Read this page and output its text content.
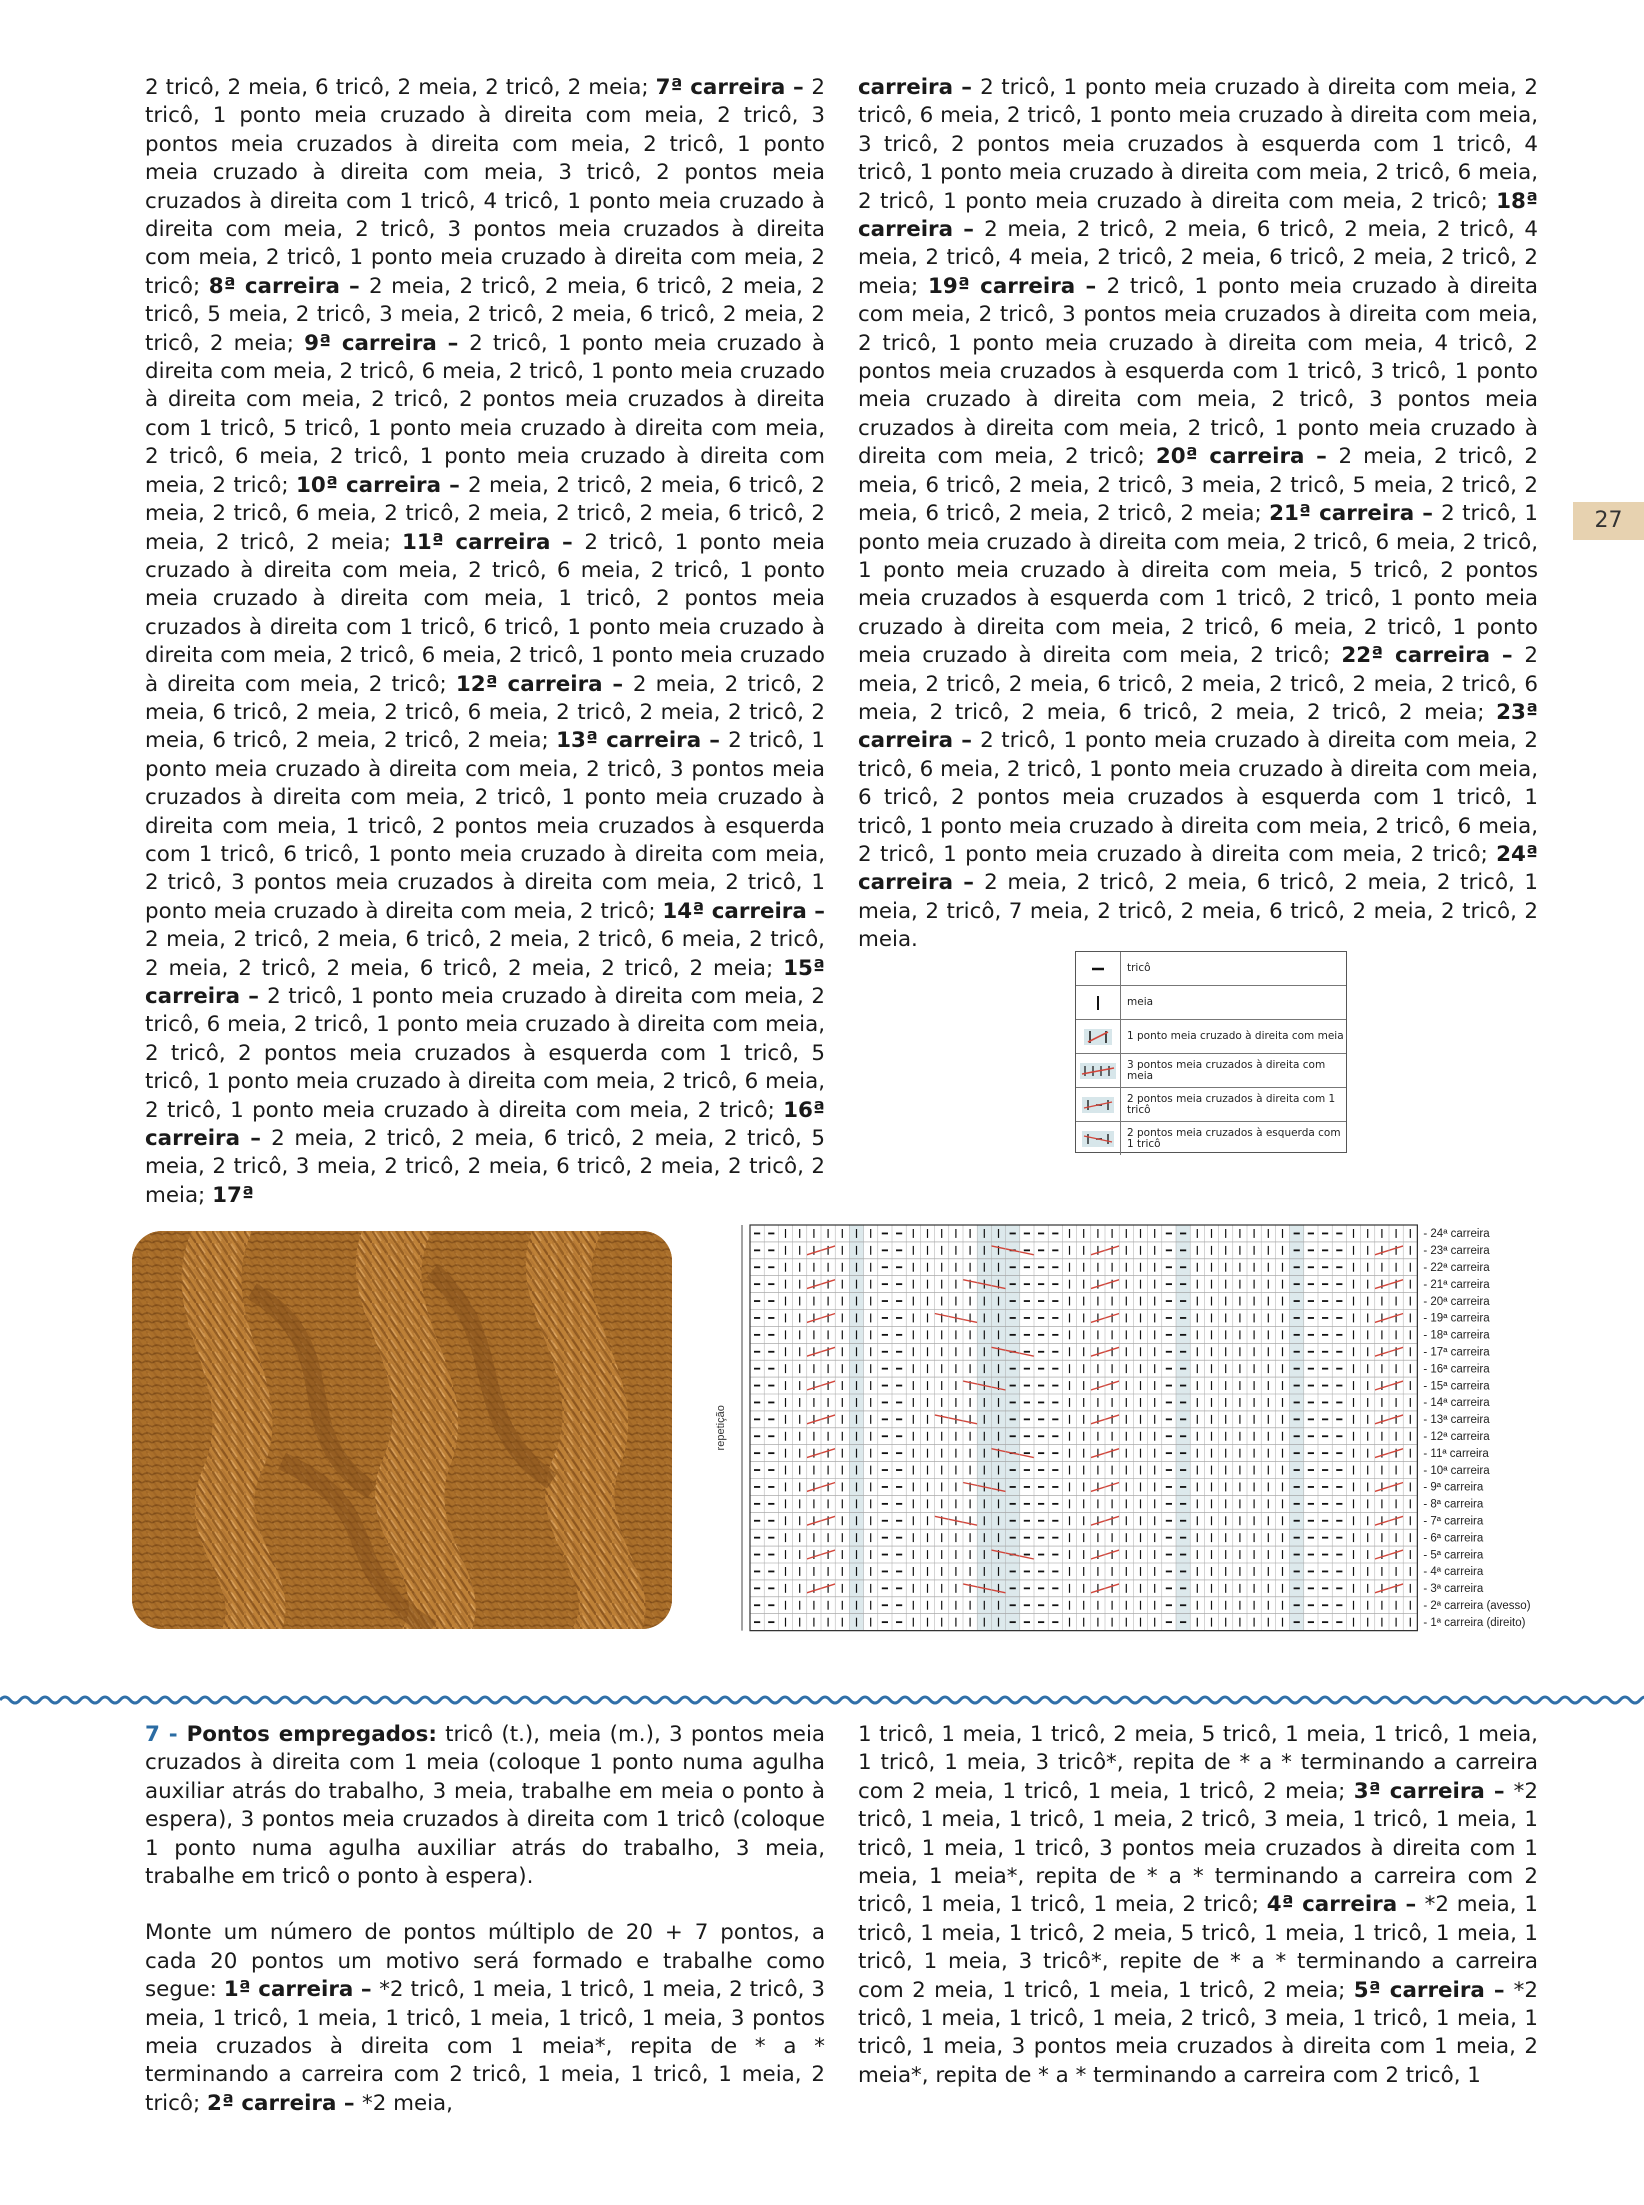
2 tricô, 2 meia, 6 tricô, 2 meia, 2 tricô, 2 meia; 7ª carreira – 2 tricô, 1 ponto meia cruzado à direita com meia, 2 tricô, 3 pontos meia cruzados à direita com meia, 2 tricô, 1 ponto meia cruzado à direita com meia, 3 tricô, 2 pontos meia cruzados à direita com 1 tricô, 4 tricô, 1 ponto meia cruzado à direita com meia, 2 tricô, 3 pontos meia cruzados à direita com meia, 2 tricô, 1 ponto meia cruzado à direita com meia, 2 tricô; 8ª carreira – 2 meia, 2 tricô, 2 meia, 6 tricô, 2 meia, 2 tricô, 5 meia, 2 tricô, 3 meia, 2 tricô, 2 meia, 6 tricô, 2 meia, 2 tricô, 2 meia; 9ª carreira – 2 tricô, 1 ponto meia cruzado à direita com meia, 2 tricô, 6 meia, 2 tricô, 1 ponto meia cruzado à direita com meia, 2 tricô, 2 pontos meia cruzados à direita com 1 tricô, 5 tricô, 1 ponto meia cruzado à direita com meia, 2 tricô, 6 meia, 2 tricô, 1 ponto meia cruzado à direita com meia, 2 tricô; 10ª carreira – 2 meia, 2 tricô, 2 meia, 6 tricô, 2 meia, 2 tricô, 6 meia, 2 tricô, 2 meia, 2 tricô, 2 meia, 6 tricô, 2 meia, 2 tricô, 2 meia; 11ª carreira – 2 tricô, 1 ponto meia cruzado à direita com meia, 2 tricô, 6 meia, 2 tricô, 1 ponto meia cruzado à direita com meia, 1 tricô, 2 pontos meia cruzados à direita com 1 tricô, 6 tricô, 1 ponto meia cruzado à direita com meia, 2 tricô, 6 meia, 2 tricô, 1 ponto meia cruzado à direita com meia, 2 tricô; 12ª carreira – 2 meia, 2 tricô, 2 meia, 6 tricô, 2 meia, 2 tricô, 6 meia, 2 tricô, 2 meia, 2 tricô, 2 meia, 6 tricô, 2 meia, 2 tricô, 2 meia; 13ª carreira – 2 tricô, 1 ponto meia cruzado à direita com meia, 2 tricô, 3 pontos meia cruzados à direita com meia, 2 tricô, 1 ponto meia cruzado à direita com meia, 1 tricô, 2 pontos meia cruzados à esquerda com 1 tricô, 6 tricô, 1 ponto meia cruzado à direita com meia, 2 tricô, 3 pontos meia cruzados à direita com meia, 2 tricô, 1 ponto meia cruzado à direita com meia, 2 tricô; 14ª carreira – 2 meia, 2 tricô, 2 meia, 6 tricô, 2 meia, 2 tricô, 6 meia, 2 tricô, 2 meia, 2 tricô, 2 meia, 6 tricô, 2 meia, 2 tricô, 2 meia; 15ª carreira – 2 tricô, 1 ponto meia cruzado à direita com meia, 2 tricô, 6 meia, 2 tricô, 1 ponto meia cruzado à direita com meia, 2 tricô, 2 pontos meia cruzados à esquerda com 1 tricô, 5 tricô, 1 ponto meia cruzado à direita com meia, 2 tricô, 6 meia, 2 tricô, 1 ponto meia cruzado à direita com meia, 2 tricô; 16ª carreira – 2 meia, 2 tricô, 2 meia, 6 tricô, 2 meia, 2 tricô, 5 meia, 2 tricô, 3 meia, 2 tricô, 2 meia, 6 tricô, 2 meia, 2 tricô, 2 meia; 17ª
carreira – 2 tricô, 1 ponto meia cruzado à direita com meia, 2 tricô, 6 meia, 2 tricô, 1 ponto meia cruzado à direita com meia, 3 tricô, 2 pontos meia cruzados à esquerda com 1 tricô, 4 tricô, 1 ponto meia cruzado à direita com meia, 2 tricô, 6 meia, 2 tricô, 1 ponto meia cruzado à direita com meia, 2 tricô; 18ª carreira – 2 meia, 2 tricô, 2 meia, 6 tricô, 2 meia, 2 tricô, 4 meia, 2 tricô, 4 meia, 2 tricô, 2 meia, 6 tricô, 2 meia, 2 tricô, 2 meia; 19ª carreira – 2 tricô, 1 ponto meia cruzado à direita com meia, 2 tricô, 3 pontos meia cruzados à direita com meia, 2 tricô, 1 ponto meia cruzado à direita com meia, 4 tricô, 2 pontos meia cruzados à esquerda com 1 tricô, 3 tricô, 1 ponto meia cruzado à direita com meia, 2 tricô, 3 pontos meia cruzados à direita com meia, 2 tricô, 1 ponto meia cruzado à direita com meia, 2 tricô; 20ª carreira – 2 meia, 2 tricô, 2 meia, 6 tricô, 2 meia, 2 tricô, 3 meia, 2 tricô, 5 meia, 2 tricô, 2 meia, 6 tricô, 2 meia, 2 tricô, 2 meia; 21ª carreira – 2 tricô, 1 ponto meia cruzado à direita com meia, 2 tricô, 6 meia, 2 tricô, 1 ponto meia cruzado à direita com meia, 5 tricô, 2 pontos meia cruzados à esquerda com 1 tricô, 2 tricô, 1 ponto meia cruzado à direita com meia, 2 tricô, 6 meia, 2 tricô, 1 ponto meia cruzado à direita com meia, 2 tricô; 22ª carreira – 2 meia, 2 tricô, 2 meia, 6 tricô, 2 meia, 2 tricô, 2 meia, 2 tricô, 6 meia, 2 tricô, 2 meia, 6 tricô, 2 meia, 2 tricô, 2 meia; 23ª carreira – 2 tricô, 1 ponto meia cruzado à direita com meia, 2 tricô, 6 meia, 2 tricô, 1 ponto meia cruzado à direita com meia, 6 tricô, 2 pontos meia cruzados à esquerda com 1 tricô, 1 tricô, 1 ponto meia cruzado à direita com meia, 2 tricô, 6 meia, 2 tricô, 1 ponto meia cruzado à direita com meia, 2 tricô; 24ª carreira – 2 meia, 2 tricô, 2 meia, 6 tricô, 2 meia, 2 tricô, 1 meia, 2 tricô, 7 meia, 2 tricô, 2 meia, 6 tricô, 2 meia, 2 tricô, 2 meia.
27
tricô
meia
1 ponto meia cruzado à direita com meia
3 pontos meia cruzados à direita com meia
2 pontos meia cruzados à direita com 1 tricô
2 pontos meia cruzados à esquerda com 1 tricô
repetição
- 24ª carreira
- 23ª carreira
- 22ª carreira
- 21ª carreira
- 20ª carreira
- 19ª carreira
- 18ª carreira
- 17ª carreira
- 16ª carreira
- 15ª carreira
- 14ª carreira
- 13ª carreira
- 12ª carreira
- 11ª carreira
- 10ª carreira
- 9ª carreira
- 8ª carreira
- 7ª carreira
- 6ª carreira
- 5ª carreira
- 4ª carreira
- 3ª carreira
- 2ª carreira (avesso)
- 1ª carreira (direito)
7 - Pontos empregados: tricô (t.), meia (m.), 3 pontos meia cruzados à direita com 1 meia (coloque 1 ponto numa agulha auxiliar atrás do trabalho, 3 meia, trabalhe em meia o ponto à espera), 3 pontos meia cruzados à direita com 1 tricô (coloque 1 ponto numa agulha auxiliar atrás do trabalho, 3 meia, trabalhe em tricô o ponto à espera).
Monte um número de pontos múltiplo de 20 + 7 pontos, a cada 20 pontos um motivo será formado e trabalhe como segue: 1ª carreira – *2 tricô, 1 meia, 1 tricô, 1 meia, 2 tricô, 3 meia, 1 tricô, 1 meia, 1 tricô, 1 meia, 1 tricô, 1 meia, 3 pontos meia cruzados à direita com 1 meia*, repita de * a * terminando a carreira com 2 tricô, 1 meia, 1 tricô, 1 meia, 2 tricô; 2ª carreira – *2 meia,
1 tricô, 1 meia, 1 tricô, 2 meia, 5 tricô, 1 meia, 1 tricô, 1 meia, 1 tricô, 1 meia, 3 tricô*, repita de * a * terminando a carreira com 2 meia, 1 tricô, 1 meia, 1 tricô, 2 meia; 3ª carreira – *2 tricô, 1 meia, 1 tricô, 1 meia, 2 tricô, 3 meia, 1 tricô, 1 meia, 1 tricô, 1 meia, 1 tricô, 3 pontos meia cruzados à direita com 1 meia, 1 meia*, repita de * a * terminando a carreira com 2 tricô, 1 meia, 1 tricô, 1 meia, 2 tricô; 4ª carreira – *2 meia, 1 tricô, 1 meia, 1 tricô, 2 meia, 5 tricô, 1 meia, 1 tricô, 1 meia, 1 tricô, 1 meia, 3 tricô*, repite de * a * terminando a carreira com 2 meia, 1 tricô, 1 meia, 1 tricô, 2 meia; 5ª carreira – *2 tricô, 1 meia, 1 tricô, 1 meia, 2 tricô, 3 meia, 1 tricô, 1 meia, 1 tricô, 1 meia, 3 pontos meia cruzados à direita com 1 meia, 2 meia*, repita de * a * terminando a carreira com 2 tricô, 1
